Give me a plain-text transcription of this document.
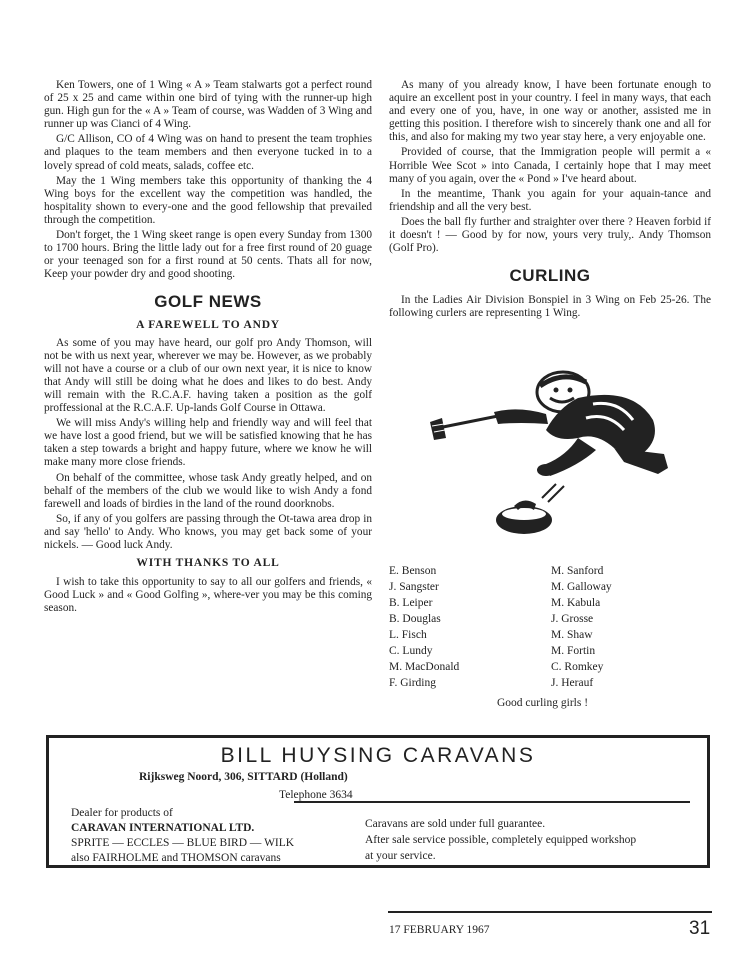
Ken Towers, one of 1 Wing « A » Team stalwarts got a perfect round of 25 x 25 and came within one bird of tying with the runner-up high gun. High gun for the « A » Team of course, was Wadden of 3 Wing and runner up was Cianci of 4 Wing.

G/C Allison, CO of 4 Wing was on hand to present the team trophies and plaques to the team members and then everyone tucked in to a lovely spread of cold meats, salads, coffee etc.

May the 1 Wing members take this opportunity of thanking the 4 Wing boys for the excellent way the competition was handled, the hospitality shown to every-one and the good fellowship that prevailed through the competition.

Don't forget, the 1 Wing skeet range is open every Sunday from 1300 to 1700 hours. Bring the little lady out for a free first round of 20 guage or your teenaged son for a first round at 50 cents. Thats all for now, Keep your powder dry and good shooting.

GOLF NEWS
A FAREWELL TO ANDY

As some of you may have heard, our golf pro Andy Thomson, will not be with us next year, wherever we may be. However, as we probably will not have a course or a club of our own next year, it is nice to know that Andy will still be doing what he does and likes to do best. Andy will remain with the R.C.A.F. having taken a position as the golf proffessional at the R.C.A.F. Up-lands Golf Course in Ottawa.

We will miss Andy's willing help and friendly way and will feel that we have lost a good friend, but we will be satisfied knowing that he has taken a step towards a bright and happy future, where we know he will make many more close friends.

On behalf of the committee, whose task Andy greatly helped, and on behalf of the members of the club we would like to wish Andy a fond farewell and loads of birdies in the land of the round doorknobs.

So, if any of you golfers are passing through the Ot-tawa area drop in and say 'hello' to Andy. Who knows, you may get back some of your nickels. — Good luck Andy.

WITH THANKS TO ALL

I wish to take this opportunity to say to all our golfers and friends, « Good Luck » and « Good Golfing », where-ver you may be this coming season.

As many of you already know, I have been fortunate enough to aquire an excellent post in your country. I feel in many ways, that each and every one of you, have, in one way or another, assisted me in getting this position. I therefore wish to sincerely thank one and all for this, and also for making my two year stay here, a very enjoyable one.

Provided of course, that the Immigration people will permit a « Horrible Wee Scot » into Canada, I certainly hope that I may meet many of you again, over the « Pond » I've heard about.

In the meantime, Thank you again for your aquain-tance and friendship and all the very best.

Does the ball fly further and straighter over there ? Heaven forbid if it doesn't ! — Good by for now, yours very truly,. Andy Thomson (Golf Pro).

CURLING

In the Ladies Air Division Bonspiel in 3 Wing on Feb 25-26. The following curlers are representing 1 Wing.

E. Benson
J. Sangster
B. Leiper
B. Douglas
L. Fisch
C. Lundy
M. MacDonald
F. Girding
M. Sanford
M. Galloway
M. Kabula
J. Grosse
M. Shaw
M. Fortin
C. Romkey
J. Herauf
Good curling girls !
BILL HUYSING CARAVANS
Rijksweg Noord, 306, SITTARD (Holland)
Telephone 3634
Dealer for products of
CARAVAN INTERNATIONAL LTD.
SPRITE — ECCLES — BLUE BIRD — WILK
also FAIRHOLME and THOMSON caravans
Caravans are sold under full guarantee.
After sale service possible, completely equipped workshop
at your service.
17 FEBRUARY 1967	31
